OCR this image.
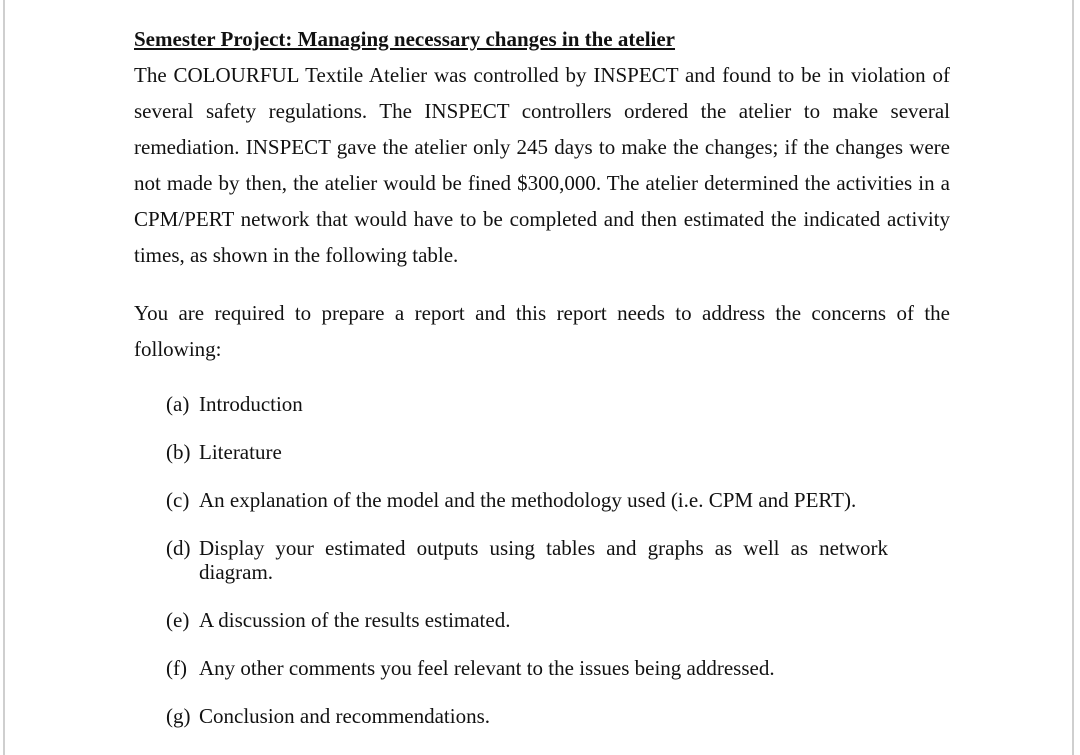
Semester Project: Managing necessary changes in the atelier

The COLOURFUL Textile Atelier was controlled by INSPECT and found to be in violation of several safety regulations. The INSPECT controllers ordered the atelier to make several remediation. INSPECT gave the atelier only 245 days to make the changes; if the changes were not made by then, the atelier would be fined $300,000. The atelier determined the activities in a CPM/PERT network that would have to be completed and then estimated the indicated activity times, as shown in the following table.

You are required to prepare a report and this report needs to address the concerns of the following:

(a) Introduction
(b) Literature
(c) An explanation of the model and the methodology used (i.e. CPM and PERT).
(d) Display your estimated outputs using tables and graphs as well as network diagram.
(e) A discussion of the results estimated.
(f) Any other comments you feel relevant to the issues being addressed.
(g) Conclusion and recommendations.
